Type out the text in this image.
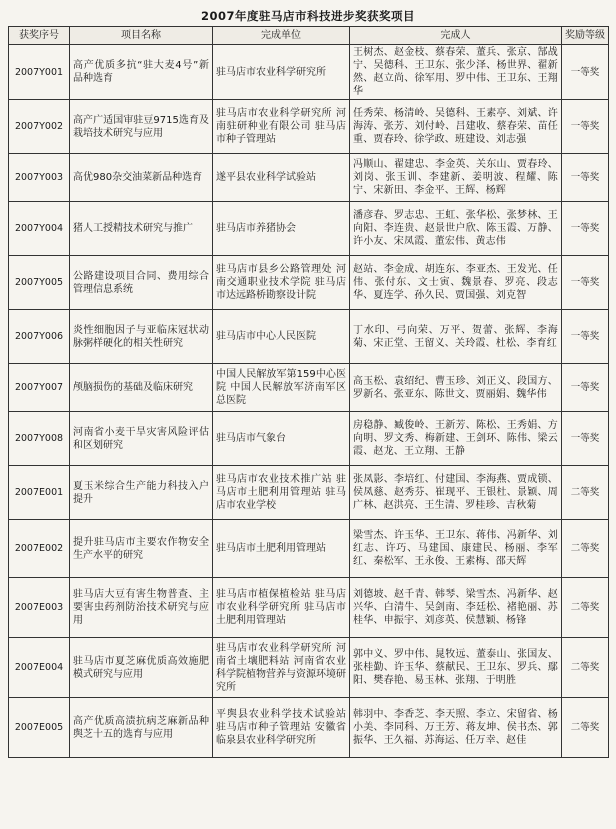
2007年度驻马店市科技进步奖获奖项目
获奖序号	项目名称	完成单位	完成人	奖励等级
2007Y001	高产优质多抗“驻大麦4号”新品种选育	驻马店市农业科学研究所	王树杰、赵金枝、蔡春荣、董兵、张京、郜战宁、吴德科、王卫东、张少泽、杨世界、翟新然、赵立尚、徐军用、罗中伟、王卫东、王翔华	一等奖
2007Y002	高产广适国审驻豆9715选育及栽培技术研究与应用	驻马店市农业科学研究所 河南驻研种业有限公司 驻马店市种子管理站	任秀荣、杨清岭、吴德科、王素亭、刘斌、许海涛、张芳、刘付岭、吕建收、蔡春荣、苗任重、贾春玲、徐学政、班建设、刘志强	一等奖
2007Y003	高优980杂交油菜新品种选育	遂平县农业科学试验站	冯顺山、翟建忠、李金英、关东山、贾春玲、刘岗、张玉训、李建新、姜明波、程耀、陈宁、宋新田、李金平、王辉、杨辉	一等奖
2007Y004	猪人工授精技术研究与推广	驻马店市养猪协会	潘彦春、罗志忠、王虹、张华松、张梦林、王向阳、李连贵、赵景世户欣、陈玉霞、万静、许小友、宋凤霞、董宏伟、黄志伟	一等奖
2007Y005	公路建设项目合同、费用综合管理信息系统	驻马店市县乡公路管理处 河南交通职业技术学院 驻马店市达远路桥勘察设计院	赵站、李金成、胡连东、李亚杰、王发光、任伟、张付东、文士寅、魏景春、罗亮、段志华、夏连学、孙久民、贾国强、刘克智	一等奖
2007Y006	炎性细胞因子与亚临床冠状动脉粥样硬化的相关性研究	驻马店市中心人民医院	丁水印、弓向荣、万平、贺蕾、张辉、李海菊、宋正堂、王留义、关玲霞、杜松、李育红	一等奖
2007Y007	颅脑损伤的基础及临床研究	中国人民解放军第159中心医院 中国人民解放军济南军区总医院	高玉松、袁绍纪、曹玉珍、刘正义、段国方、罗新名、张亚东、陈世文、贾丽娟、魏华伟	一等奖
2007Y008	河南省小麦干旱灾害风险评估和区划研究	驻马店市气象台	房稳静、臧俊岭、王新芳、陈松、王秀娟、方向明、罗文秀、梅新建、王剑环、陈伟、梁云霞、赵龙、王立翔、王静	一等奖
2007E001	夏玉米综合生产能力科技入户提升	驻马店市农业技术推广站 驻马店市土肥利用管理站 驻马店市农业学校	张凤影、李培红、付建国、李海燕、贾成锁、侯凤慈、赵秀芬、崔现平、王银杜、景颖、周广林、赵洪亮、王生清、罗桂珍、吉秋菊	二等奖
2007E002	提升驻马店市主要农作物安全生产水平的研究	驻马店市土肥利用管理站	梁雪杰、许玉华、王卫东、蒋伟、冯新华、刘红志、许巧、马建国、康建民、杨丽、李军红、秦松军、王永俊、王素梅、邵天辉	二等奖
2007E003	驻马店大豆有害生物普查、主要害虫药剂防治技术研究与应用	驻马店市植保植检站 驻马店市农业科学研究所 驻马店市土肥利用管理站	刘德坡、赵千青、韩琴、梁雪杰、冯新华、赵兴华、白清牛、吴剑南、李廷松、褚艳丽、苏桂华、申振宇、刘彦英、侯慧颖、杨锋	二等奖
2007E004	驻马店市夏芝麻优质高效施肥模式研究与应用	驻马店市农业科学研究所 河南省土壤肥料站 河南省农业科学院植物营养与资源环境研究所	郭中义、罗中伟、晁牧远、董泰山、张国友、张桂勤、许玉华、蔡献民、王卫东、罗兵、鄢阳、樊春艳、易玉林、张翔、于明胜	二等奖
2007E005	高产优质高渍抗病芝麻新品种舆芝十五的选育与应用	平舆县农业科学技术试验站 驻马店市种子管理站 安徽省临泉县农业科学研究所	韩羽中、李香芝、李天照、李立、宋留省、杨小美、李同科、万王芳、蒋友坤、侯书杰、郭振华、王久福、苏海运、任万幸、赵佳	二等奖
